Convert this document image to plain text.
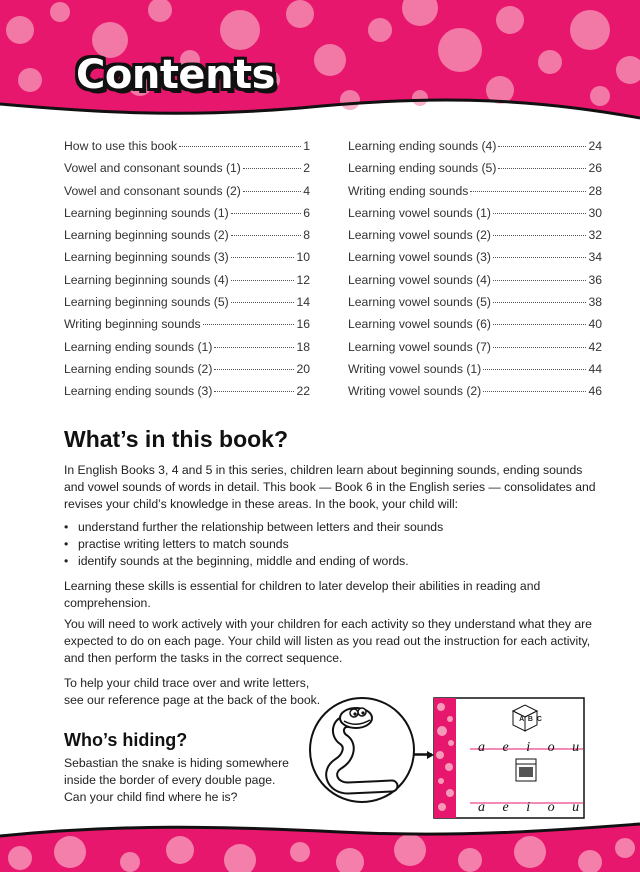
Contents
How to use this book	1
Vowel and consonant sounds (1)	2
Vowel and consonant sounds (2)	4
Learning beginning sounds (1)	6
Learning beginning sounds (2)	8
Learning beginning sounds (3)	10
Learning beginning sounds (4)	12
Learning beginning sounds (5)	14
Writing beginning sounds	16
Learning ending sounds (1)	18
Learning ending sounds (2)	20
Learning ending sounds (3)	22
Learning ending sounds (4)	24
Learning ending sounds (5)	26
Writing ending sounds	28
Learning vowel sounds (1)	30
Learning vowel sounds (2)	32
Learning vowel sounds (3)	34
Learning vowel sounds (4)	36
Learning vowel sounds (5)	38
Learning vowel sounds (6)	40
Learning vowel sounds (7)	42
Writing vowel sounds (1)	44
Writing vowel sounds (2)	46
What’s in this book?

In English Books 3, 4 and 5 in this series, children learn about beginning sounds, ending sounds and vowel sounds of words in detail. This book — Book 6 in the English series — consolidates and revises your child’s knowledge in these areas. In the book, your child will:

• understand further the relationship between letters and their sounds
• practise writing letters to match sounds
• identify sounds at the beginning, middle and ending of words.

Learning these skills is essential for children to later develop their abilities in reading and comprehension.

You will need to work actively with your children for each activity so they understand what they are expected to do on each page. Your child will listen as you read out the instruction for each activity, and then perform the tasks in the correct sequence.

To help your child trace over and write letters,
see our reference page at the back of the book.
Who’s hiding?
Sebastian the snake is hiding somewhere
inside the border of every double page.
Can your child find where he is?
a e i o u
a e i o u
A B C
